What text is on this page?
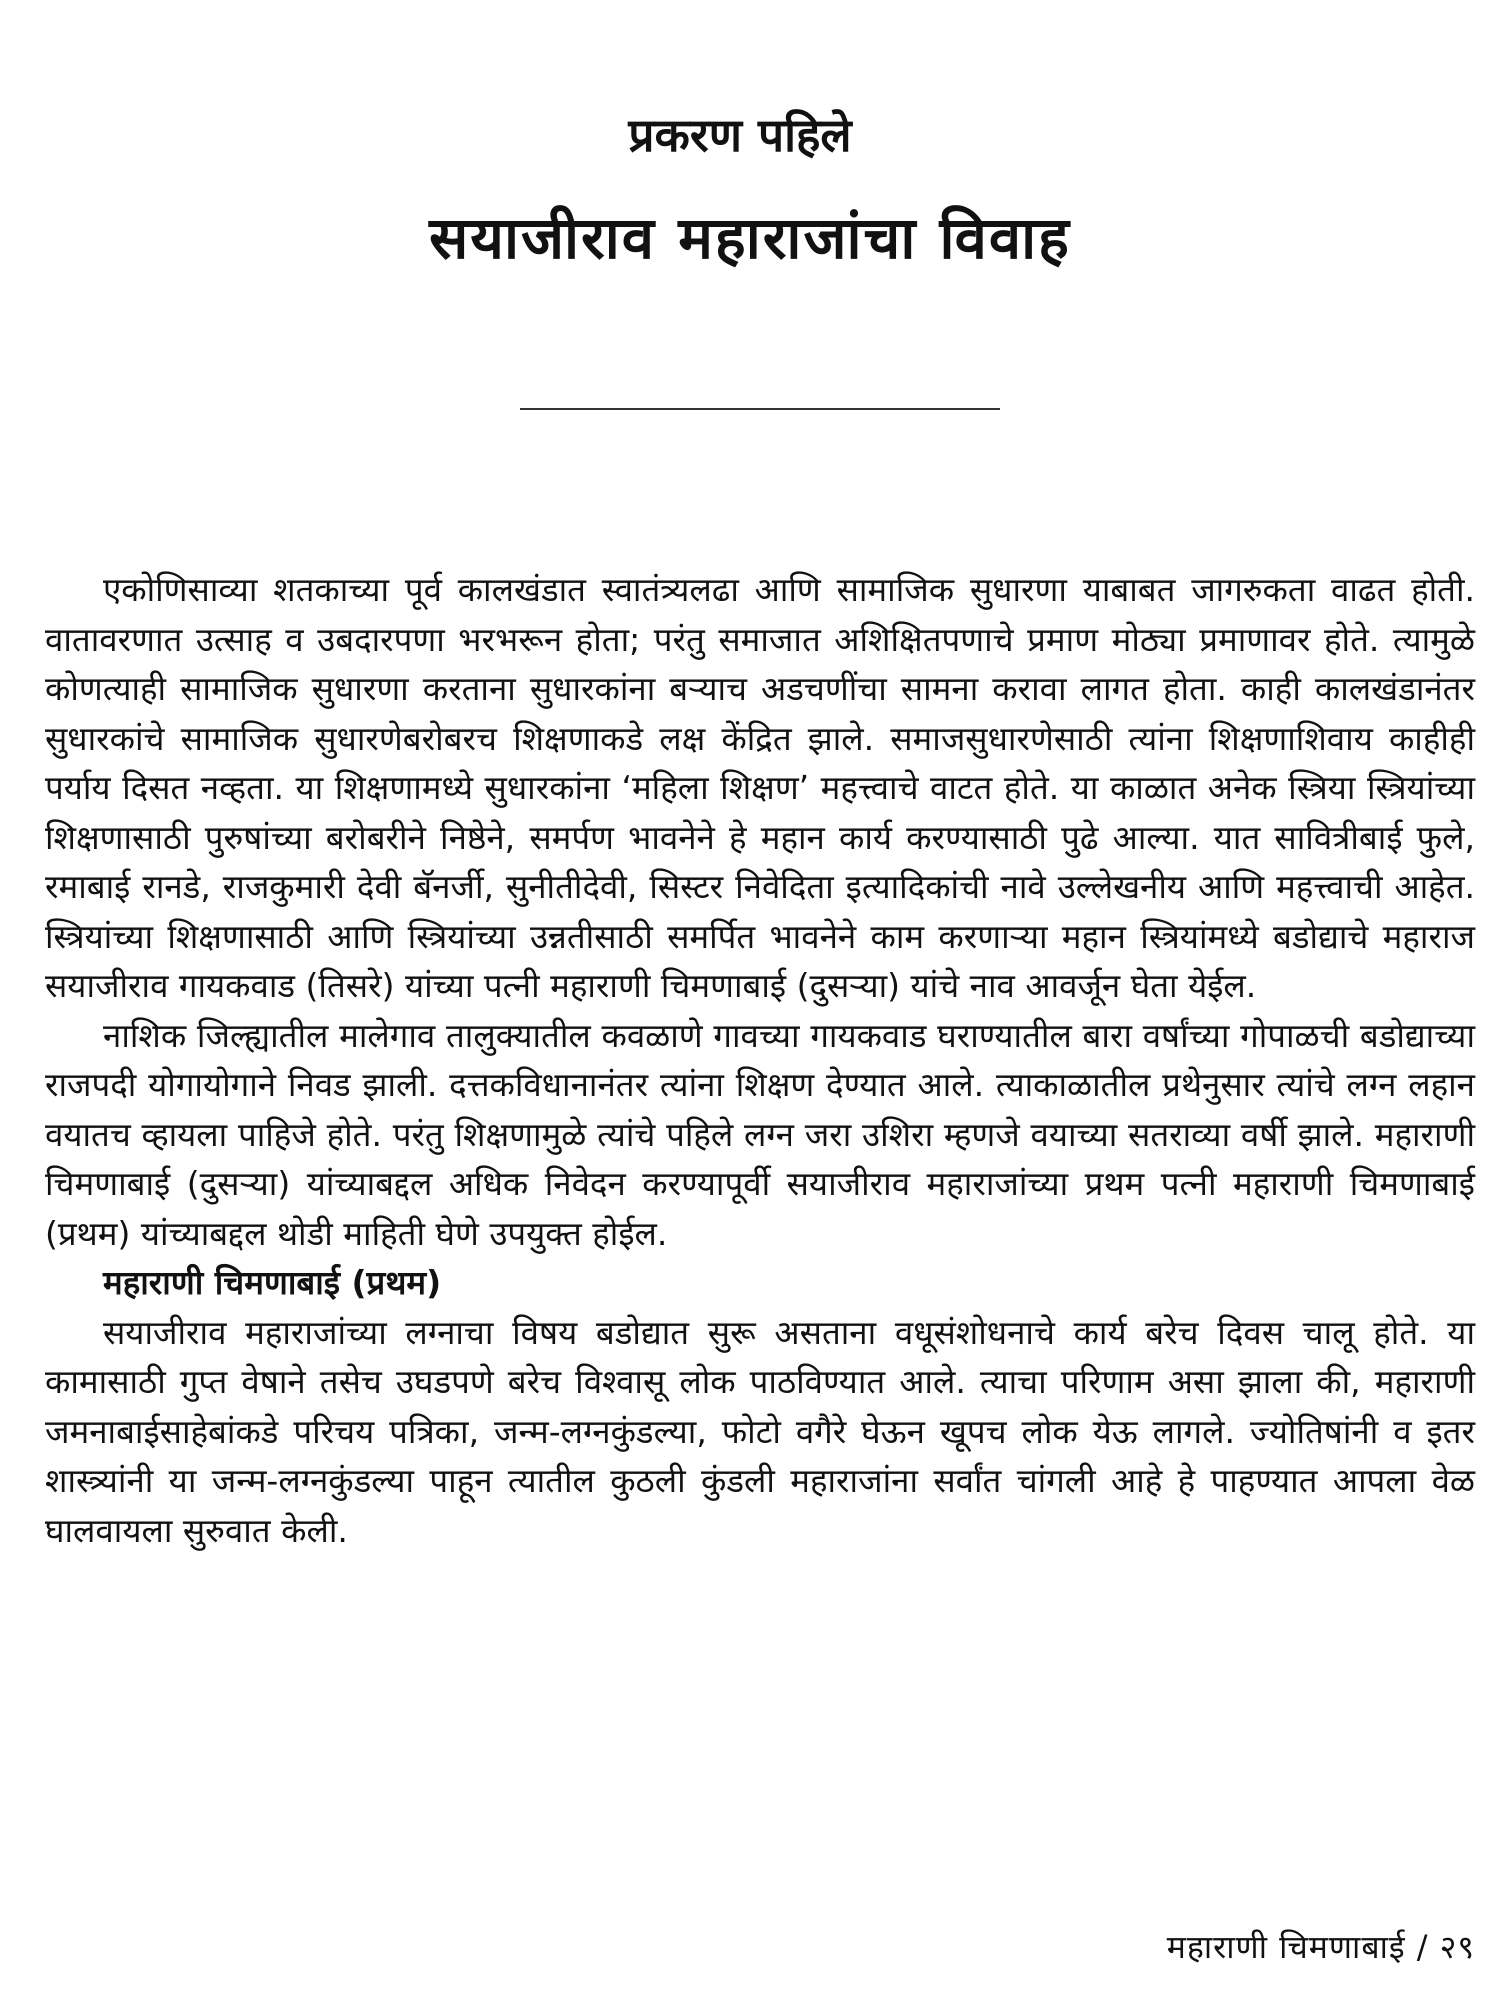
प्रकरण पहिले
सयाजीराव महाराजांचा विवाह

एकोणिसाव्या शतकाच्या पूर्व कालखंडात स्वातंत्र्यलढा आणि सामाजिक सुधारणा याबाबत जागरुकता वाढत होती. वातावरणात उत्साह व उबदारपणा भरभरून होता; परंतु समाजात अशिक्षितपणाचे प्रमाण मोठ्या प्रमाणावर होते. त्यामुळे कोणत्याही सामाजिक सुधारणा करताना सुधारकांना बऱ्याच अडचणींचा सामना करावा लागत होता. काही कालखंडानंतर सुधारकांचे सामाजिक सुधारणेबरोबरच शिक्षणाकडे लक्ष केंद्रित झाले. समाजसुधारणेसाठी त्यांना शिक्षणाशिवाय काहीही पर्याय दिसत नव्हता. या शिक्षणामध्ये सुधारकांना ‘महिला शिक्षण’ महत्त्वाचे वाटत होते. या काळात अनेक स्त्रिया स्त्रियांच्या शिक्षणासाठी पुरुषांच्या बरोबरीने निष्ठेने, समर्पण भावनेने हे महान कार्य करण्यासाठी पुढे आल्या. यात सावित्रीबाई फुले, रमाबाई रानडे, राजकुमारी देवी बॅनर्जी, सुनीतीदेवी, सिस्टर निवेदिता इत्यादिकांची नावे उल्लेखनीय आणि महत्त्वाची आहेत. स्त्रियांच्या शिक्षणासाठी आणि स्त्रियांच्या उन्नतीसाठी समर्पित भावनेने काम करणाऱ्या महान स्त्रियांमध्ये बडोद्याचे महाराज सयाजीराव गायकवाड (तिसरे) यांच्या पत्नी महाराणी चिमणाबाई (दुसऱ्या) यांचे नाव आवर्जून घेता येईल.

नाशिक जिल्ह्यातील मालेगाव तालुक्यातील कवळाणे गावच्या गायकवाड घराण्यातील बारा वर्षांच्या गोपाळची बडोद्याच्या राजपदी योगायोगाने निवड झाली. दत्तकविधानानंतर त्यांना शिक्षण देण्यात आले. त्याकाळातील प्रथेनुसार त्यांचे लग्न लहान वयातच व्हायला पाहिजे होते. परंतु शिक्षणामुळे त्यांचे पहिले लग्न जरा उशिरा म्हणजे वयाच्या सतराव्या वर्षी झाले. महाराणी चिमणाबाई (दुसऱ्या) यांच्याबद्दल अधिक निवेदन करण्यापूर्वी सयाजीराव महाराजांच्या प्रथम पत्नी महाराणी चिमणाबाई (प्रथम) यांच्याबद्दल थोडी माहिती घेणे उपयुक्त होईल.

महाराणी चिमणाबाई (प्रथम)

सयाजीराव महाराजांच्या लग्नाचा विषय बडोद्यात सुरू असताना वधूसंशोधनाचे कार्य बरेच दिवस चालू होते. या कामासाठी गुप्त वेषाने तसेच उघडपणे बरेच विश्वासू लोक पाठविण्यात आले. त्याचा परिणाम असा झाला की, महाराणी जमनाबाईसाहेबांकडे परिचय पत्रिका, जन्म-लग्नकुंडल्या, फोटो वगैरे घेऊन खूपच लोक येऊ लागले. ज्योतिषांनी व इतर शास्त्र्यांनी या जन्म-लग्नकुंडल्या पाहून त्यातील कुठली कुंडली महाराजांना सर्वांत चांगली आहे हे पाहण्यात आपला वेळ घालवायला सुरुवात केली.

महाराणी चिमणाबाई / २९
